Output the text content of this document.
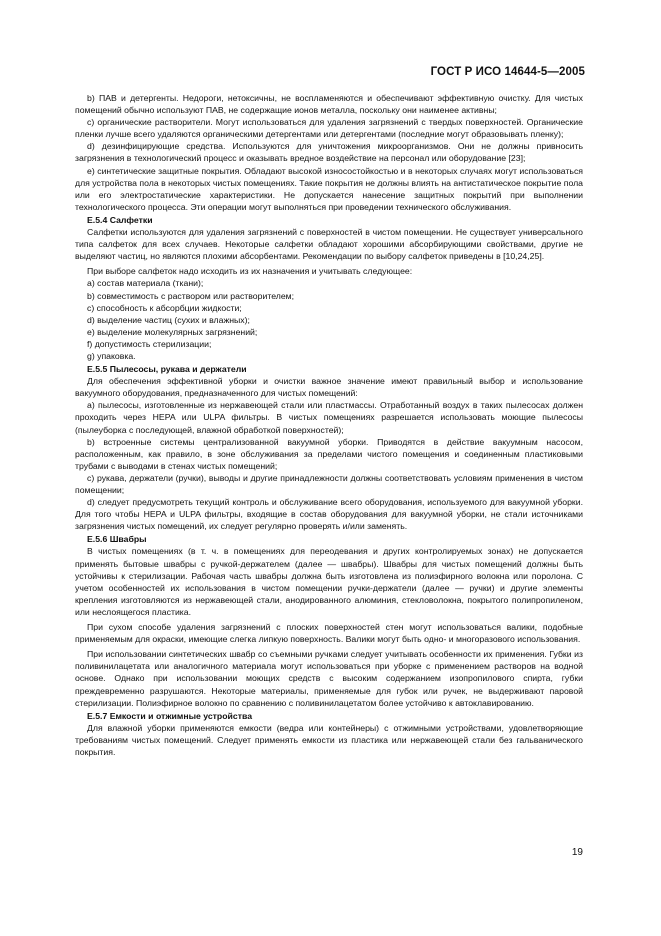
ГОСТ Р ИСО 14644-5—2005

b) ПАВ и детергенты. Недороги, нетоксичны, не воспламеняются и обеспечивают эффективную очистку. Для чистых помещений обычно используют ПАВ, не содержащие ионов металла, поскольку они наименее активны;

c) органические растворители. Могут использоваться для удаления загрязнений с твердых поверхностей. Органические пленки лучше всего удаляются органическими детергентами или детергентами (последние могут образовывать пленку);

d) дезинфицирующие средства. Используются для уничтожения микроорганизмов. Они не должны привносить загрязнения в технологический процесс и оказывать вредное воздействие на персонал или оборудование [23];

e) синтетические защитные покрытия. Обладают высокой износостойкостью и в некоторых случаях могут использоваться для устройства пола в некоторых чистых помещениях. Такие покрытия не должны влиять на антистатическое покрытие пола или его электростатические характеристики. Не допускается нанесение защитных покрытий при выполнении технологического процесса. Эти операции могут выполняться при проведении технического обслуживания.

Е.5.4 Салфетки

Салфетки используются для удаления загрязнений с поверхностей в чистом помещении. Не существует универсального типа салфеток для всех случаев. Некоторые салфетки обладают хорошими абсорбирующими свойствами, другие не выделяют частиц, но являются плохими абсорбентами. Рекомендации по выбору салфеток приведены в [10,24,25].

При выборе салфеток надо исходить из их назначения и учитывать следующее:

a) состав материала (ткани);

b) совместимость с раствором или растворителем;

c) способность к абсорбции жидкости;

d) выделение частиц (сухих и влажных);

e) выделение молекулярных загрязнений;

f) допустимость стерилизации;

g) упаковка.

Е.5.5 Пылесосы, рукава и держатели

Для обеспечения эффективной уборки и очистки важное значение имеют правильный выбор и использование вакуумного оборудования, предназначенного для чистых помещений:

a) пылесосы, изготовленные из нержавеющей стали или пластмассы. Отработанный воздух в таких пылесосах должен проходить через HEPA или ULPA фильтры. В чистых помещениях разрешается использовать моющие пылесосы (пылеуборка с последующей, влажной обработкой поверхностей);

b) встроенные системы централизованной вакуумной уборки. Приводятся в действие вакуумным насосом, расположенным, как правило, в зоне обслуживания за пределами чистого помещения и соединенным пластиковыми трубами с выводами в стенах чистых помещений;

c) рукава, держатели (ручки), выводы и другие принадлежности должны соответствовать условиям применения в чистом помещении;

d) следует предусмотреть текущий контроль и обслуживание всего оборудования, используемого для вакуумной уборки. Для того чтобы HEPA и ULPA фильтры, входящие в состав оборудования для вакуумной уборки, не стали источниками загрязнения чистых помещений, их следует регулярно проверять и/или заменять.

Е.5.6 Швабры

В чистых помещениях (в т. ч. в помещениях для переодевания и других контролируемых зонах) не допускается применять бытовые швабры с ручкой-держателем (далее — швабры). Швабры для чистых помещений должны быть устойчивы к стерилизации. Рабочая часть швабры должна быть изготовлена из полиэфирного волокна или поролона. С учетом особенностей их использования в чистом помещении ручки-держатели (далее — ручки) и другие элементы крепления изготовляются из нержавеющей стали, анодированного алюминия, стекловолокна, покрытого полипропиленом, или неслоящегося пластика.

При сухом способе удаления загрязнений с плоских поверхностей стен могут использоваться валики, подобные применяемым для окраски, имеющие слегка липкую поверхность. Валики могут быть одно- и многоразового использования.

При использовании синтетических швабр со съемными ручками следует учитывать особенности их применения. Губки из поливинилацетата или аналогичного материала могут использоваться при уборке с применением растворов на водной основе. Однако при использовании моющих средств с высоким содержанием изопропилового спирта, губки преждевременно разрушаются. Некоторые материалы, применяемые для губок или ручек, не выдерживают паровой стерилизации. Полиэфирное волокно по сравнению с поливинилацетатом более устойчиво к автоклавированию.

Е.5.7 Емкости и отжимные устройства

Для влажной уборки применяются емкости (ведра или контейнеры) с отжимными устройствами, удовлетворяющие требованиям чистых помещений. Следует применять емкости из пластика или нержавеющей стали без гальванического покрытия.

19
